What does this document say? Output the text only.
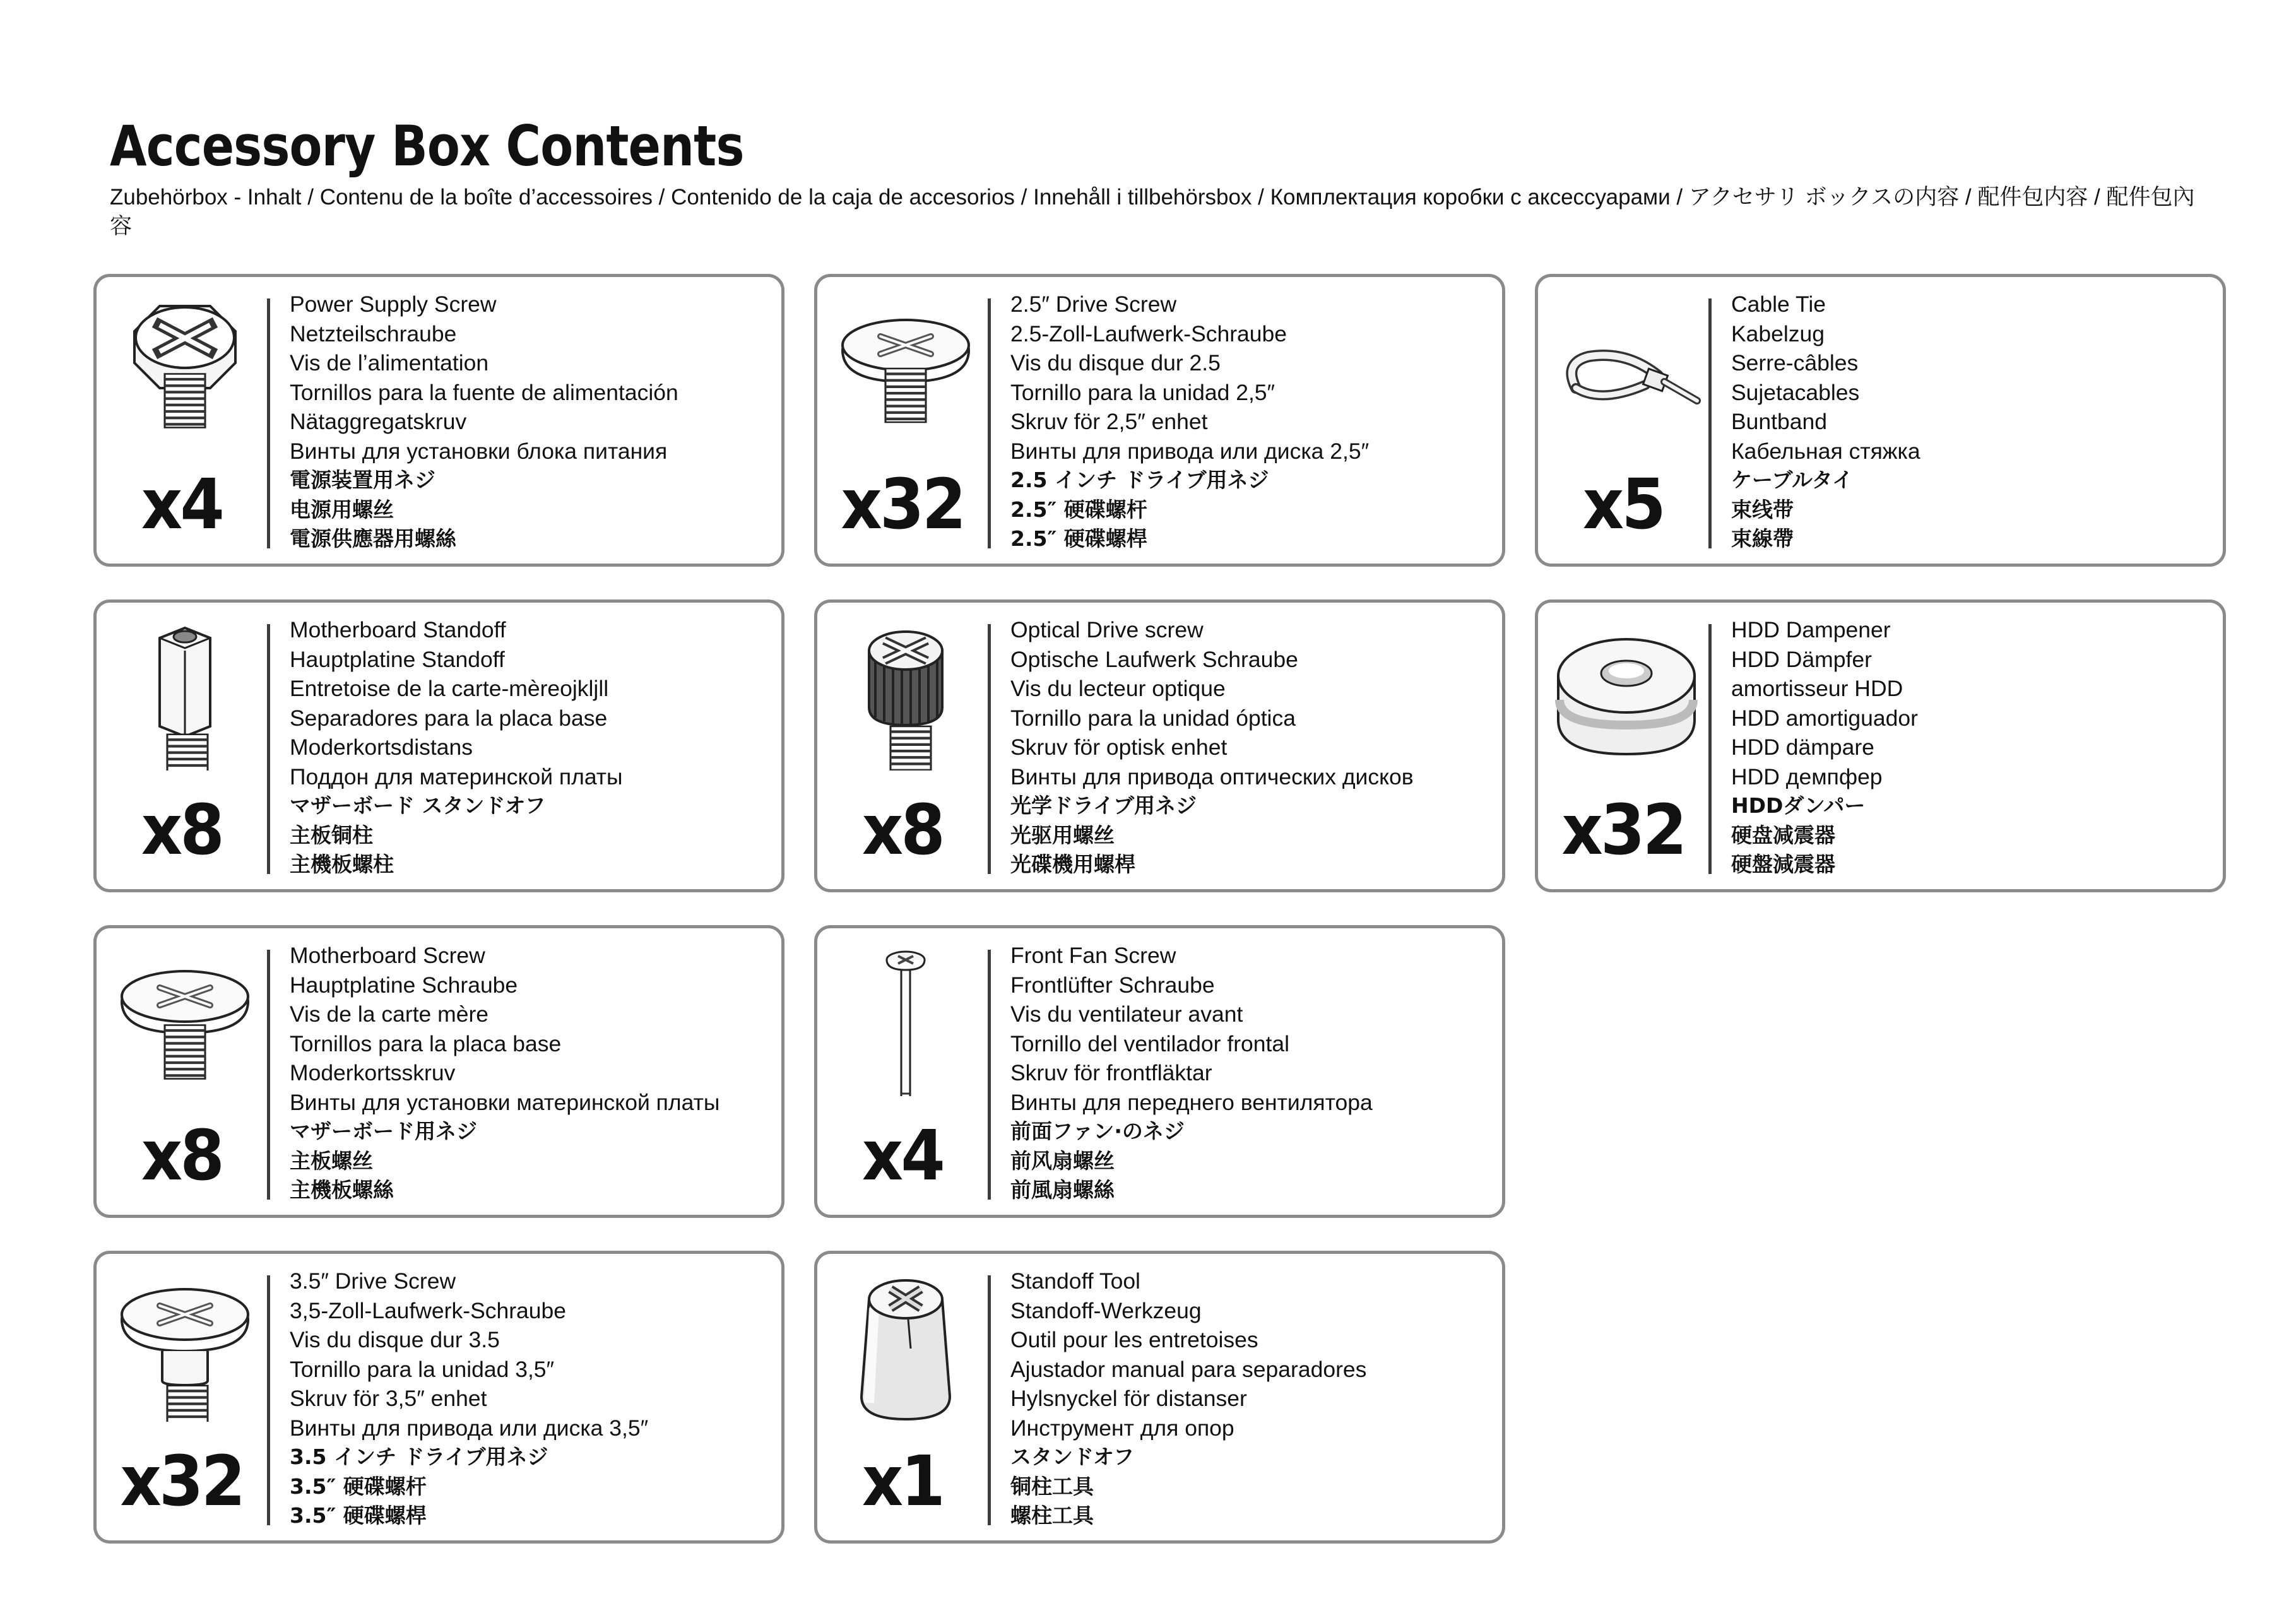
Accessory Box Contents

Zubehörbox - Inhalt / Contenu de la boîte d’accessoires / Contenido de la caja de accesorios / Innehåll i tillbehörsbox / Комплектация коробки с аксессуарами / アクセサリ ボックスの内容 / 配件包内容 / 配件包內容

x4
Power Supply Screw
Netzteilschraube
Vis de l’alimentation
Tornillos para la fuente de alimentación
Nätaggregatskruv
Винты для установки блока питания
電源装置用ネジ
电源用螺丝
電源供應器用螺絲	x32
2.5″ Drive Screw
2.5-Zoll-Laufwerk-Schraube
Vis du disque dur 2.5
Tornillo para la unidad 2,5″
Skruv för 2,5″ enhet
Винты для привода или диска 2,5″
2.5 インチ ドライブ用ネジ
2.5″ 硬碟螺杆
2.5″ 硬碟螺桿	x5
Cable Tie
Kabelzug
Serre-câbles
Sujetacables
Buntband
Кабельная стяжка
ケーブルタイ
束线带
束線帶
x8
Motherboard Standoff
Hauptplatine Standoff
Entretoise de la carte-mèreojkljll
Separadores para la placa base
Moderkortsdistans
Поддон для материнской платы
マザーボード スタンドオフ
主板铜柱
主機板螺柱	x8
Optical Drive screw
Optische Laufwerk Schraube
Vis du lecteur optique
Tornillo para la unidad óptica
Skruv för optisk enhet
Винты для привода оптических дисков
光学ドライブ用ネジ
光驱用螺丝
光碟機用螺桿	x32
HDD Dampener
HDD Dämpfer
amortisseur HDD
HDD amortiguador
HDD dämpare
HDD демпфер
HDDダンパー
硬盘减震器
硬盤減震器
x8
Motherboard Screw
Hauptplatine Schraube
Vis de la carte mère
Tornillos para la placa base
Moderkortsskruv
Винты для установки материнской платы
マザーボード用ネジ
主板螺丝
主機板螺絲	x4
Front Fan Screw
Frontlüfter Schraube
Vis du ventilateur avant
Tornillo del ventilador frontal
Skruv för frontfläktar
Винты для переднего вентилятора
前面ファン·のネジ
前风扇螺丝
前風扇螺絲
x32
3.5″ Drive Screw
3,5-Zoll-Laufwerk-Schraube
Vis du disque dur 3.5
Tornillo para la unidad 3,5″
Skruv för 3,5″ enhet
Винты для привода или диска 3,5″
3.5 インチ ドライブ用ネジ
3.5″ 硬碟螺杆
3.5″ 硬碟螺桿	x1
Standoff Tool
Standoff-Werkzeug
Outil pour les entretoises
Ajustador manual para separadores
Hylsnyckel för distanser
Инструмент для опор
スタンドオフ
铜柱工具
螺柱工具
